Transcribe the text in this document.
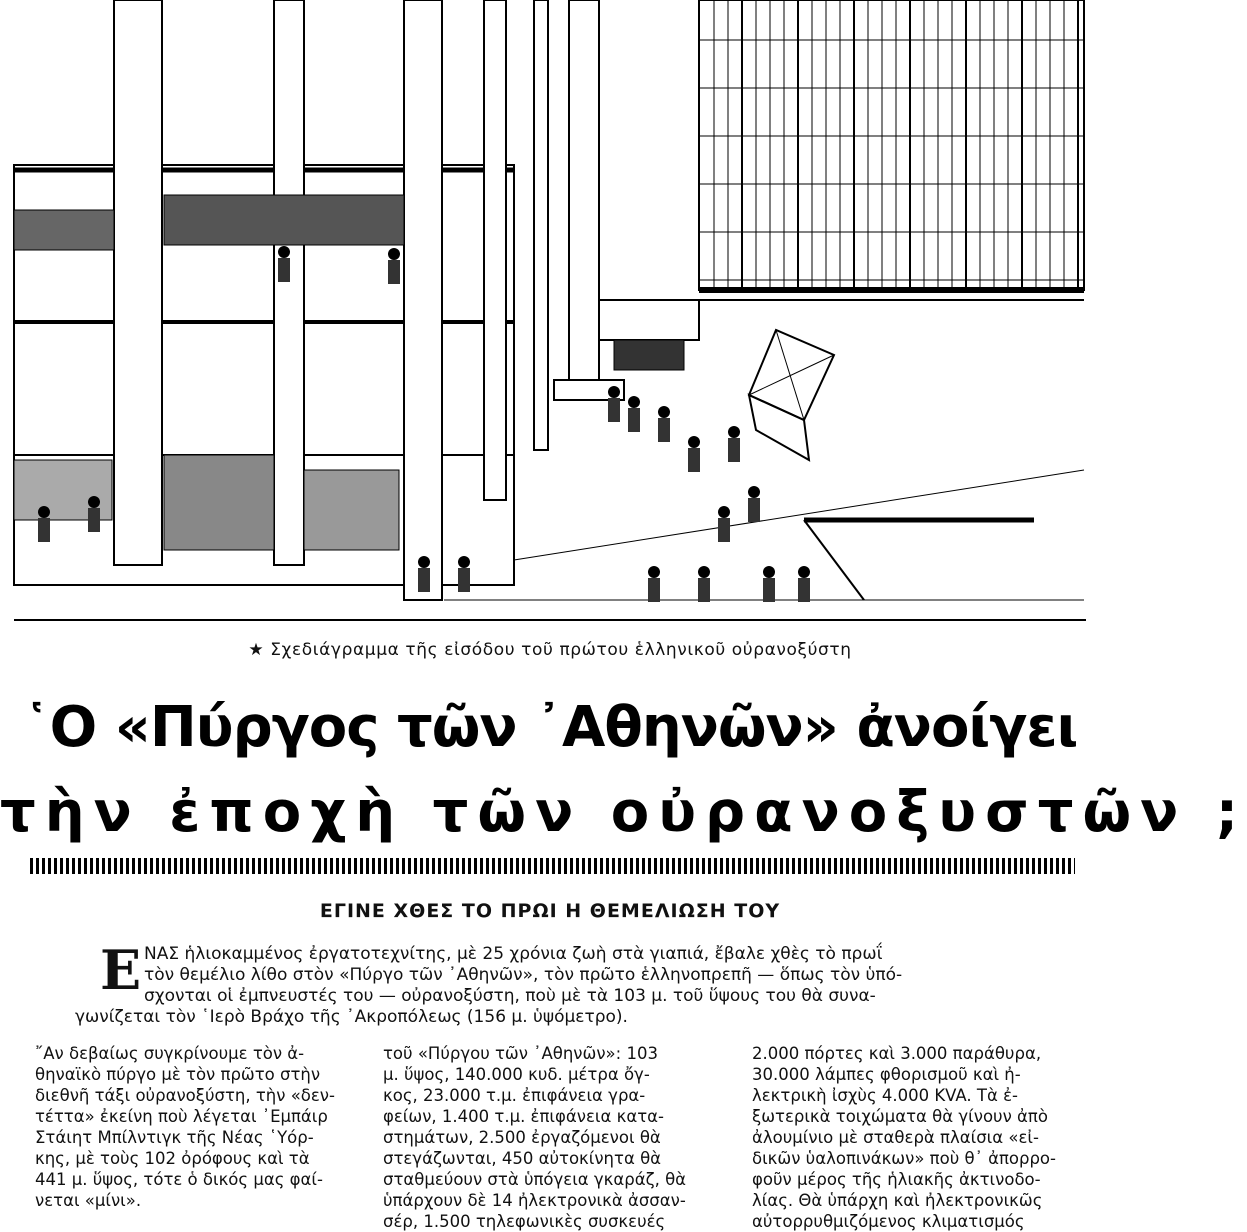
★ Σχεδιάγραμμα τῆς εἰσόδου τοῦ πρώτου ἑλληνικοῦ οὐρανοξύστη
῾Ο «Πύργος τῶν ᾿Αθηνῶν» ἀνοίγει
τὴν ἐποχὴ τῶν οὐρανοξυστῶν ;
ΕΓΙΝΕ ΧΘΕΣ ΤΟ ΠΡΩΙ Η ΘΕΜΕΛΙΩΣΗ ΤΟΥ
Ε ΝΑΣ ἡλιοκαμμένος ἐργατοτεχνίτης, μὲ 25 χρόνια ζωὴ στὰ γιαπιά, ἔβαλε χθὲς τὸ πρωΐ

τὸν θεμέλιο λίθο στὸν «Πύργο τῶν ᾿Αθηνῶν», τὸν πρῶτο ἑλληνοπρεπῆ — ὅπως τὸν ὑπό-

σχονται οἱ ἐμπνευστές του — οὐρανοξύστη, ποὺ μὲ τὰ 103 μ. τοῦ ὕψους του θὰ συνα-

γωνίζεται τὸν ῾Ιερὸ Βράχο τῆς ᾿Ακροπόλεως (156 μ. ὑψόμετρο).

῎Αν δεβαίως συγκρίνουμε τὸν ἀ-

θηναϊκὸ πύργο μὲ τὸν πρῶτο στὴν

διεθνῆ τάξι οὐρανοξύστη, τὴν «δεν-

τέττα» ἐκείνη ποὺ λέγεται ᾿Εμπάιρ

Στάιητ Μπίλντιγκ τῆς Νέας ῾Υόρ-

κης, μὲ τοὺς 102 ὀρόφους καὶ τὰ

441 μ. ὕψος, τότε ὁ δικός μας φαί-

νεται «μίνι».

τοῦ «Πύργου τῶν ᾿Αθηνῶν»: 103

μ. ὕψος, 140.000 κυδ. μέτρα ὄγ-

κος, 23.000 τ.μ. ἐπιφάνεια γρα-

φείων, 1.400 τ.μ. ἐπιφάνεια κατα-

στημάτων, 2.500 ἐργαζόμενοι θὰ

στεγάζωνται, 450 αὐτοκίνητα θὰ

σταθμεύουν στὰ ὑπόγεια γκαράζ, θὰ

ὑπάρχουν δὲ 14 ἠλεκτρονικὰ ἀσσαν-

σέρ, 1.500 τηλεφωνικὲς συσκευές

2.000 πόρτες καὶ 3.000 παράθυρα,

30.000 λάμπες φθορισμοῦ καὶ ἠ-

λεκτρικὴ ἰσχὺς 4.000 KVA. Τὰ ἐ-

ξωτερικὰ τοιχώματα θὰ γίνουν ἀπὸ

ἀλουμίνιο μὲ σταθερὰ πλαίσια «εἰ-

δικῶν ὑαλοπινάκων» ποὺ θ᾿ ἀπορρο-

φοῦν μέρος τῆς ἡλιακῆς ἀκτινοδο-

λίας. Θὰ ὑπάρχη καὶ ἠλεκτρονικῶς

αὐτορρυθμιζόμενος κλιματισμός
